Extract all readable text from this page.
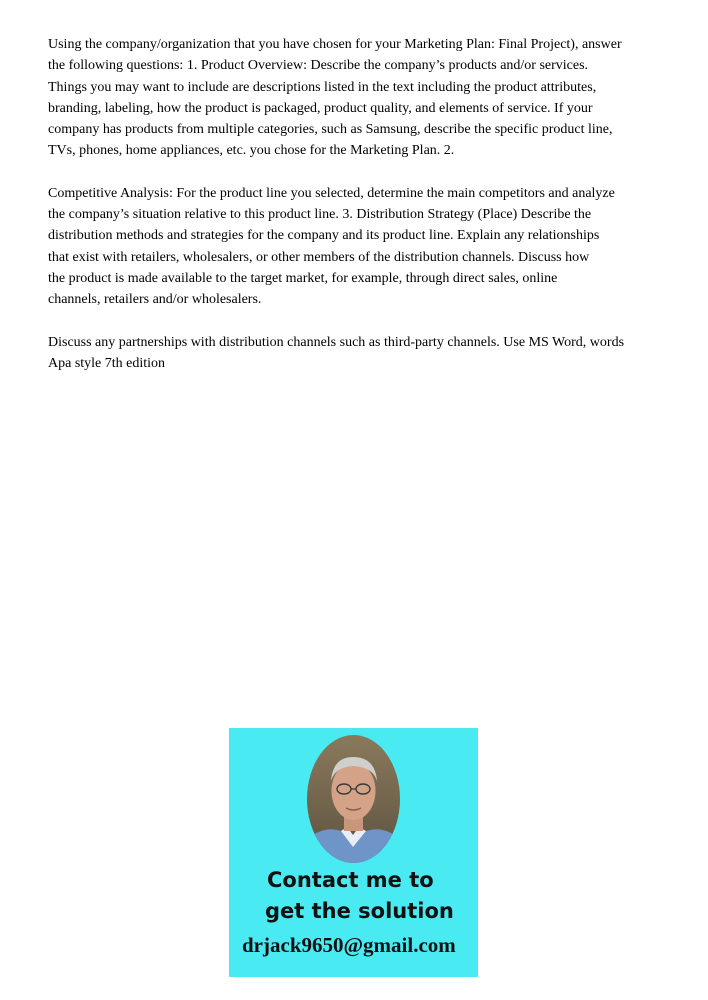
Using the company/organization that you have chosen for your Marketing Plan: Final Project), answer
the following questions: 1. Product Overview: Describe the company’s products and/or services.
Things you may want to include are descriptions listed in the text including the product attributes,
branding, labeling, how the product is packaged, product quality, and elements of service. If your
company has products from multiple categories, such as Samsung, describe the specific product line,
TVs, phones, home appliances, etc. you chose for the Marketing Plan. 2.
Competitive Analysis: For the product line you selected, determine the main competitors and analyze
the company’s situation relative to this product line. 3. Distribution Strategy (Place) Describe the
distribution methods and strategies for the company and its product line. Explain any relationships
that exist with retailers, wholesalers, or other members of the distribution channels. Discuss how
the product is made available to the target market, for example, through direct sales, online
channels, retailers and/or wholesalers.
Discuss any partnerships with distribution channels such as third-party channels. Use MS Word, words
Apa style 7th edition
Contact me to
get the solution
drjack9650@gmail.com
